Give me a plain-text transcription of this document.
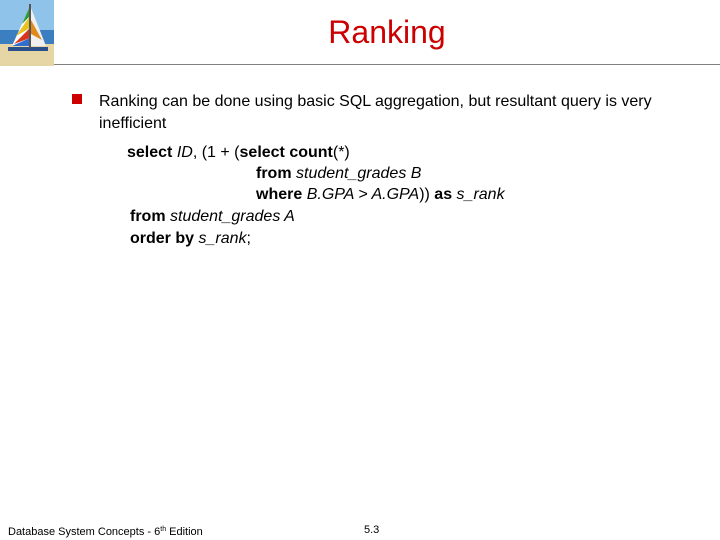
Ranking
Ranking can be done using basic SQL aggregation, but resultant query is very inefficient
select ID, (1 + (select count(*)
from student_grades B
where B.GPA > A.GPA)) as s_rank
from student_grades A
order by s_rank;
Database System Concepts - 6th Edition	5.3
